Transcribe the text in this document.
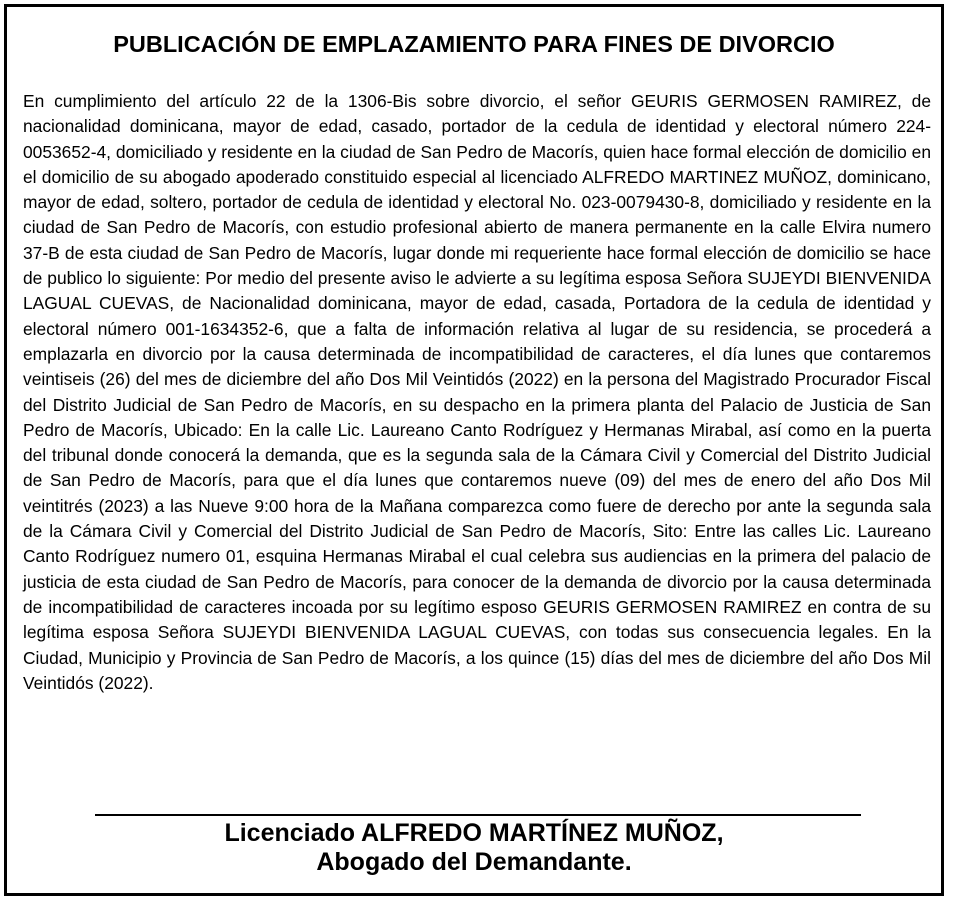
PUBLICACIÓN DE EMPLAZAMIENTO PARA FINES DE DIVORCIO
En cumplimiento del artículo 22 de la 1306-Bis sobre divorcio, el señor GEURIS GERMOSEN RAMIREZ, de nacionalidad dominicana, mayor de edad, casado, portador de la cedula de identidad y electoral número 224-0053652-4, domiciliado y residente en la ciudad de San Pedro de Macorís, quien hace formal elección de domicilio en el domicilio de su abogado apoderado constituido especial al licenciado ALFREDO MARTINEZ MUÑOZ, dominicano, mayor de edad, soltero, portador de cedula de identidad y electoral No. 023-0079430-8, domiciliado y residente en la ciudad de San Pedro de Macorís, con estudio profesional abierto de manera permanente en la calle Elvira numero 37-B de esta ciudad de San Pedro de Macorís, lugar donde mi requeriente hace formal elección de domicilio se hace de publico lo siguiente: Por medio del presente aviso le advierte a su legítima esposa Señora SUJEYDI BIENVENIDA LAGUAL CUEVAS, de Nacionalidad dominicana, mayor de edad, casada, Portadora de la cedula de identidad y electoral número 001-1634352-6, que a falta de información relativa al lugar de su residencia, se procederá a emplazarla en divorcio por la causa determinada de incompatibilidad de caracteres, el día lunes que contaremos veintiseis (26) del mes de diciembre del año Dos Mil Veintidós (2022) en la persona del Magistrado Procurador Fiscal del Distrito Judicial de San Pedro de Macorís, en su despacho en la primera planta del Palacio de Justicia de San Pedro de Macorís, Ubicado: En la calle Lic. Laureano Canto Rodríguez y Hermanas Mirabal, así como en la puerta del tribunal donde conocerá la demanda, que es la segunda sala de la Cámara Civil y Comercial del Distrito Judicial de San Pedro de Macorís, para que el día lunes que contaremos nueve (09) del mes de enero del año Dos Mil veintitrés (2023) a las Nueve 9:00 hora de la Mañana comparezca como fuere de derecho por ante la segunda sala de la Cámara Civil y Comercial del Distrito Judicial de San Pedro de Macorís, Sito: Entre las calles Lic. Laureano Canto Rodríguez numero 01, esquina Hermanas Mirabal el cual celebra sus audiencias en la primera del palacio de justicia de esta ciudad de San Pedro de Macorís, para conocer de la demanda de divorcio por la causa determinada de incompatibilidad de caracteres incoada por su legítimo esposo GEURIS GERMOSEN RAMIREZ en contra de su legítima esposa Señora SUJEYDI BIENVENIDA LAGUAL CUEVAS, con todas sus consecuencia legales. En la Ciudad, Municipio y Provincia de San Pedro de Macorís, a los quince (15) días del mes de diciembre del año Dos Mil Veintidós (2022).
Licenciado ALFREDO MARTÍNEZ MUÑOZ,
Abogado del Demandante.
